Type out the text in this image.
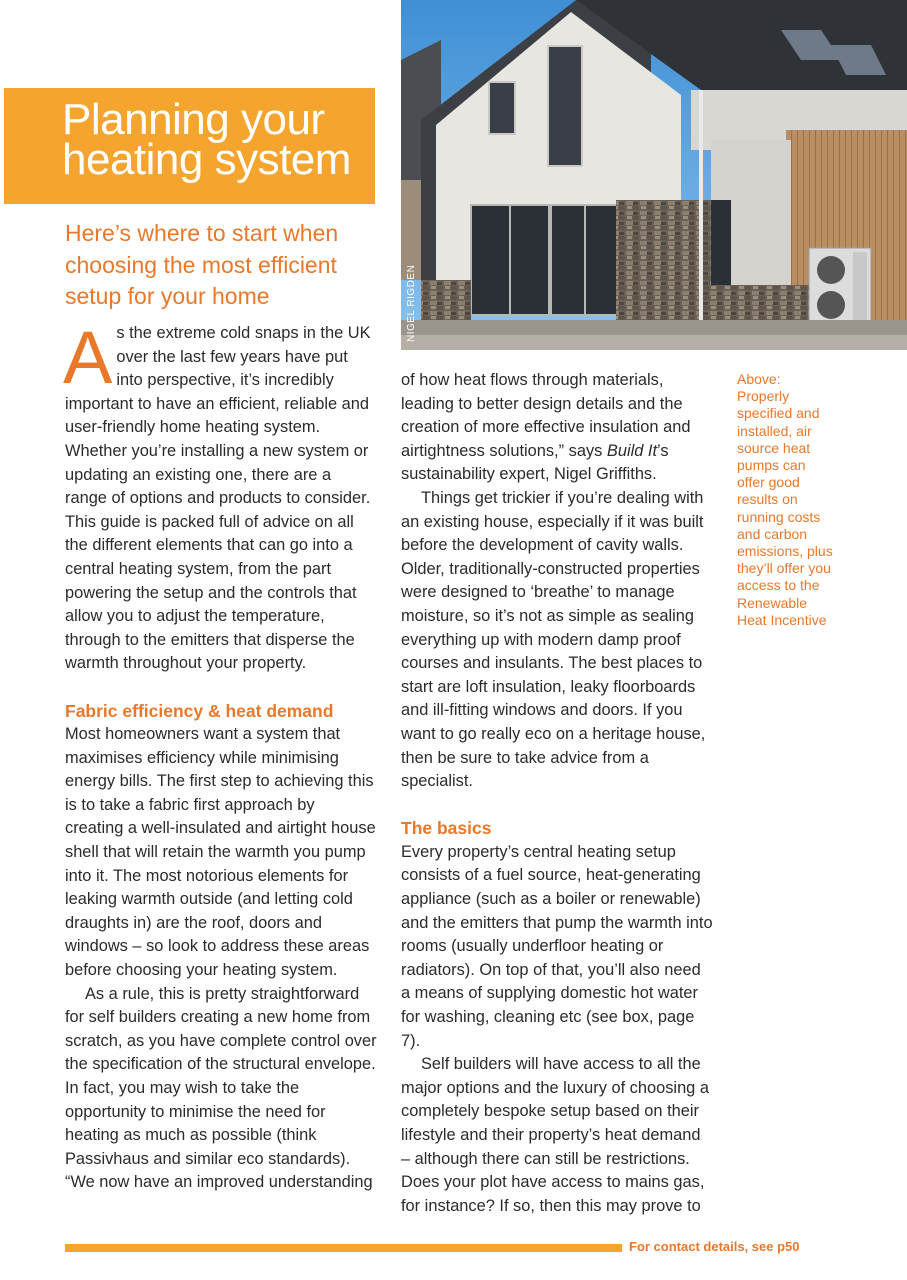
NIGEL RIGDEN
Planning your
heating system
Here’s where to start when choosing the most efficient setup for your home

As the extreme cold snaps in the UK over the last few years have put into perspective, it’s incredibly important to have an efficient, reliable and user-friendly home heating system. Whether you’re installing a new system or updating an existing one, there are a range of options and products to consider. This guide is packed full of advice on all the different elements that can go into a central heating system, from the part powering the setup and the controls that allow you to adjust the temperature, through to the emitters that disperse the warmth throughout your property.

Fabric efficiency & heat demand

Most homeowners want a system that maximises efficiency while minimising energy bills. The first step to achieving this is to take a fabric first approach by creating a well-insulated and airtight house shell that will retain the warmth you pump into it. The most notorious elements for leaking warmth outside (and letting cold draughts in) are the roof, doors and windows – so look to address these areas before choosing your heating system.

As a rule, this is pretty straightforward for self builders creating a new home from scratch, as you have complete control over the specification of the structural envelope. In fact, you may wish to take the opportunity to minimise the need for heating as much as possible (think Passivhaus and similar eco standards). “We now have an improved understanding

of how heat flows through materials, leading to better design details and the creation of more effective insulation and airtightness solutions,” says Build It’s sustainability expert, Nigel Griffiths.

Things get trickier if you’re dealing with an existing house, especially if it was built before the development of cavity walls. Older, traditionally-constructed properties were designed to ‘breathe’ to manage moisture, so it’s not as simple as sealing everything up with modern damp proof courses and insulants. The best places to start are loft insulation, leaky floorboards and ill-fitting windows and doors. If you want to go really eco on a heritage house, then be sure to take advice from a specialist.

The basics

Every property’s central heating setup consists of a fuel source, heat-generating appliance (such as a boiler or renewable) and the emitters that pump the warmth into rooms (usually underfloor heating or radiators). On top of that, you’ll also need a means of supplying domestic hot water for washing, cleaning etc (see box, page 7).

Self builders will have access to all the major options and the luxury of choosing a completely bespoke setup based on their lifestyle and their property’s heat demand – although there can still be restrictions. Does your plot have access to mains gas, for instance? If so, then this may prove to

Above:
Properly specified and installed, air source heat pumps can offer good results on running costs and carbon emissions, plus they’ll offer you access to the Renewable Heat Incentive
For contact details, see p50
